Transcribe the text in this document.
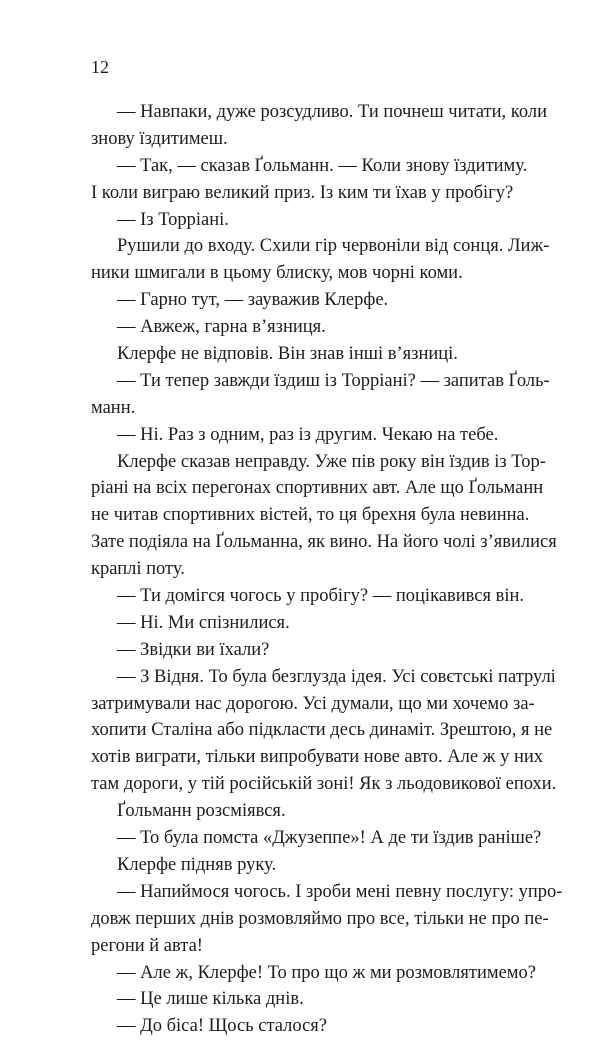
12
— Навпаки, дуже розсудливо. Ти почнеш читати, коли
знову їздитимеш.
— Так, — сказав Ґольманн. — Коли знову їздитиму.
І коли виграю великий приз. Із ким ти їхав у пробігу?
— Із Торріані.
Рушили до входу. Схили гір червоніли від сонця. Лиж-
ники шмигали в цьому блиску, мов чорні коми.
— Гарно тут, — зауважив Клерфе.
— Авжеж, гарна в’язниця.
Клерфе не відповів. Він знав інші в’язниці.
— Ти тепер завжди їздиш із Торріані? — запитав Ґоль-
манн.
— Ні. Раз з одним, раз із другим. Чекаю на тебе.
Клерфе сказав неправду. Уже пів року він їздив із Тор-
ріані на всіх перегонах спортивних авт. Але що Ґольманн
не читав спортивних вістей, то ця брехня була невинна.
Зате подіяла на Ґольманна, як вино. На його чолі з’явилися
краплі поту.
— Ти домігся чогось у пробігу? — поцікавився він.
— Ні. Ми спізнилися.
— Звідки ви їхали?
— З Відня. То була безглузда ідея. Усі совєтські патрулі
затримували нас дорогою. Усі думали, що ми хочемо за-
хопити Сталіна або підкласти десь динаміт. Зрештою, я не
хотів виграти, тільки випробувати нове авто. Але ж у них
там дороги, у тій російській зоні! Як з льодовикової епохи.
Ґольманн розсміявся.
— То була помста «Джузеппе»! А де ти їздив раніше?
Клерфе підняв руку.
— Напиймося чогось. І зроби мені певну послугу: упро-
довж перших днів розмовляймо про все, тільки не про пе-
регони й авта!
— Але ж, Клерфе! То про що ж ми розмовлятимемо?
— Це лише кілька днів.
— До біса! Щось сталося?
